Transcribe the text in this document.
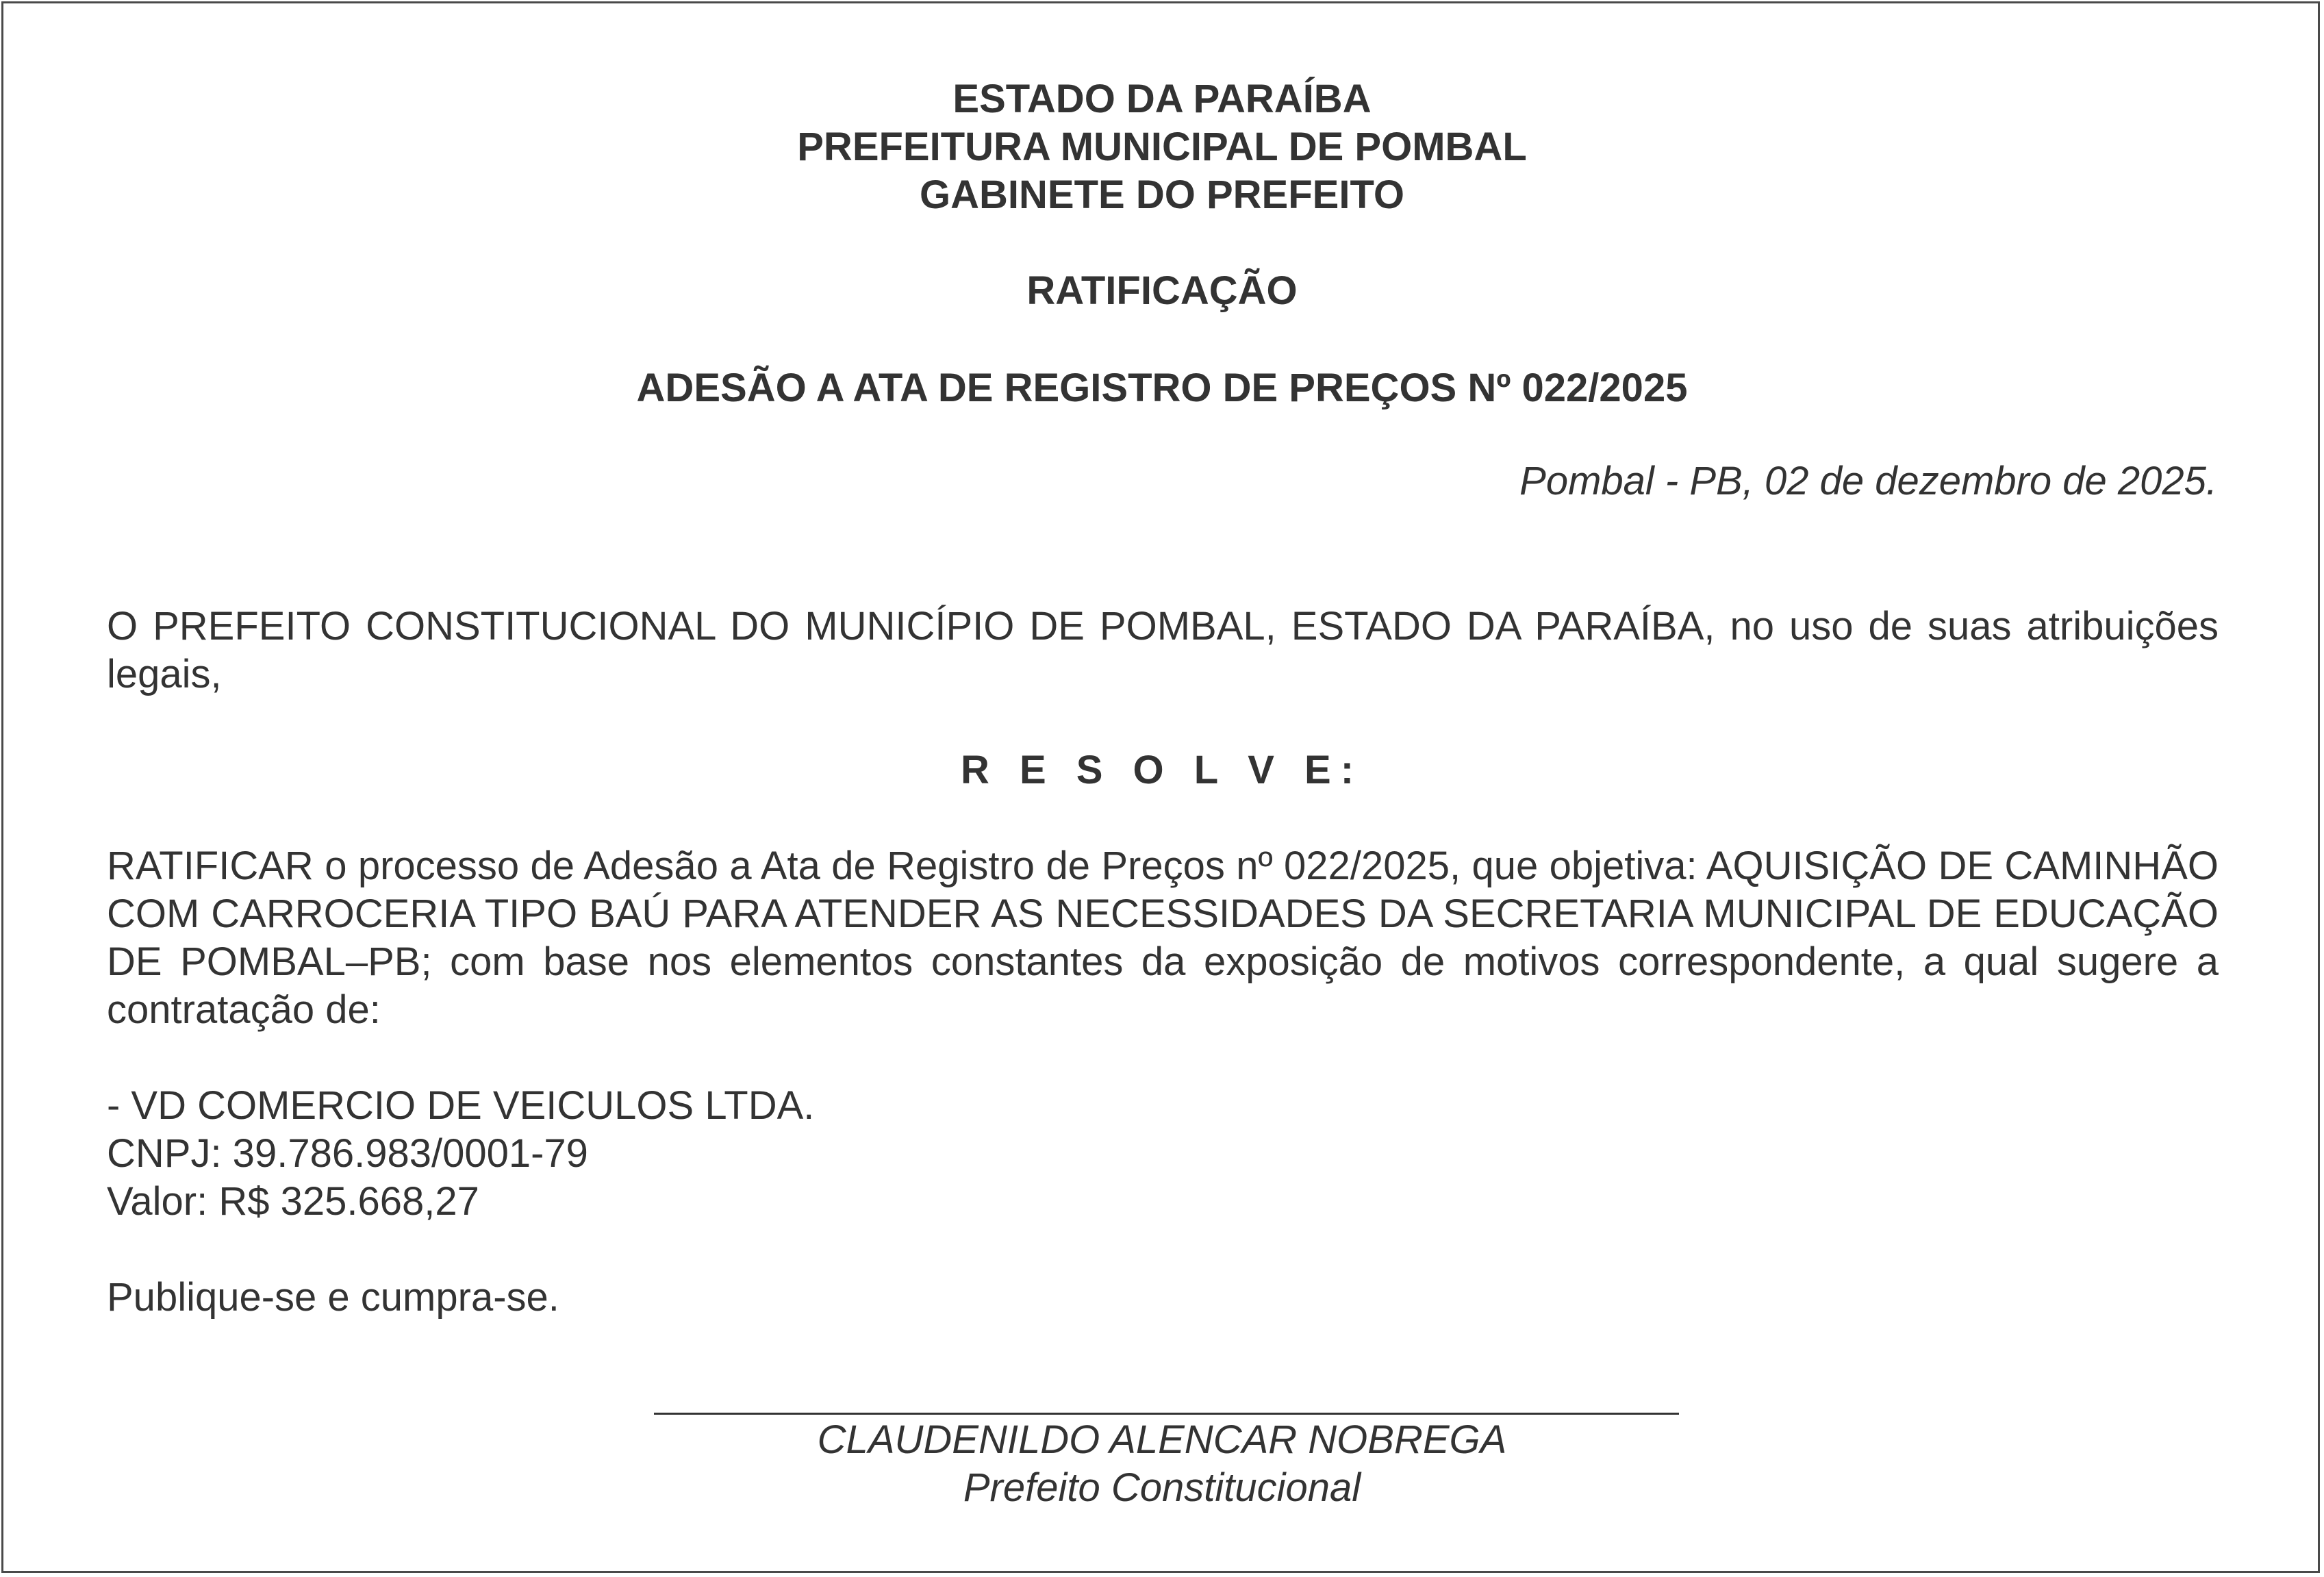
ESTADO DA PARAÍBA
PREFEITURA MUNICIPAL DE POMBAL
GABINETE DO PREFEITO
RATIFICAÇÃO
ADESÃO A ATA DE REGISTRO DE PREÇOS Nº 022/2025
Pombal - PB, 02 de dezembro de 2025.
O PREFEITO CONSTITUCIONAL DO MUNICÍPIO DE POMBAL, ESTADO DA PARAÍBA, no uso de suas atribuições legais,
R E S O L V E:
RATIFICAR o processo de Adesão a Ata de Registro de Preços nº 022/2025, que objetiva: AQUISIÇÃO DE CAMINHÃO COM CARROCERIA TIPO BAÚ PARA ATENDER AS NECESSIDADES DA SECRETARIA MUNICIPAL DE EDUCAÇÃO DE POMBAL–PB; com base nos elementos constantes da exposição de motivos correspondente, a qual sugere a contratação de:
- VD COMERCIO DE VEICULOS LTDA.
CNPJ: 39.786.983/0001-79
Valor: R$ 325.668,27
Publique-se e cumpra-se.
CLAUDENILDO ALENCAR NOBREGA
Prefeito Constitucional
